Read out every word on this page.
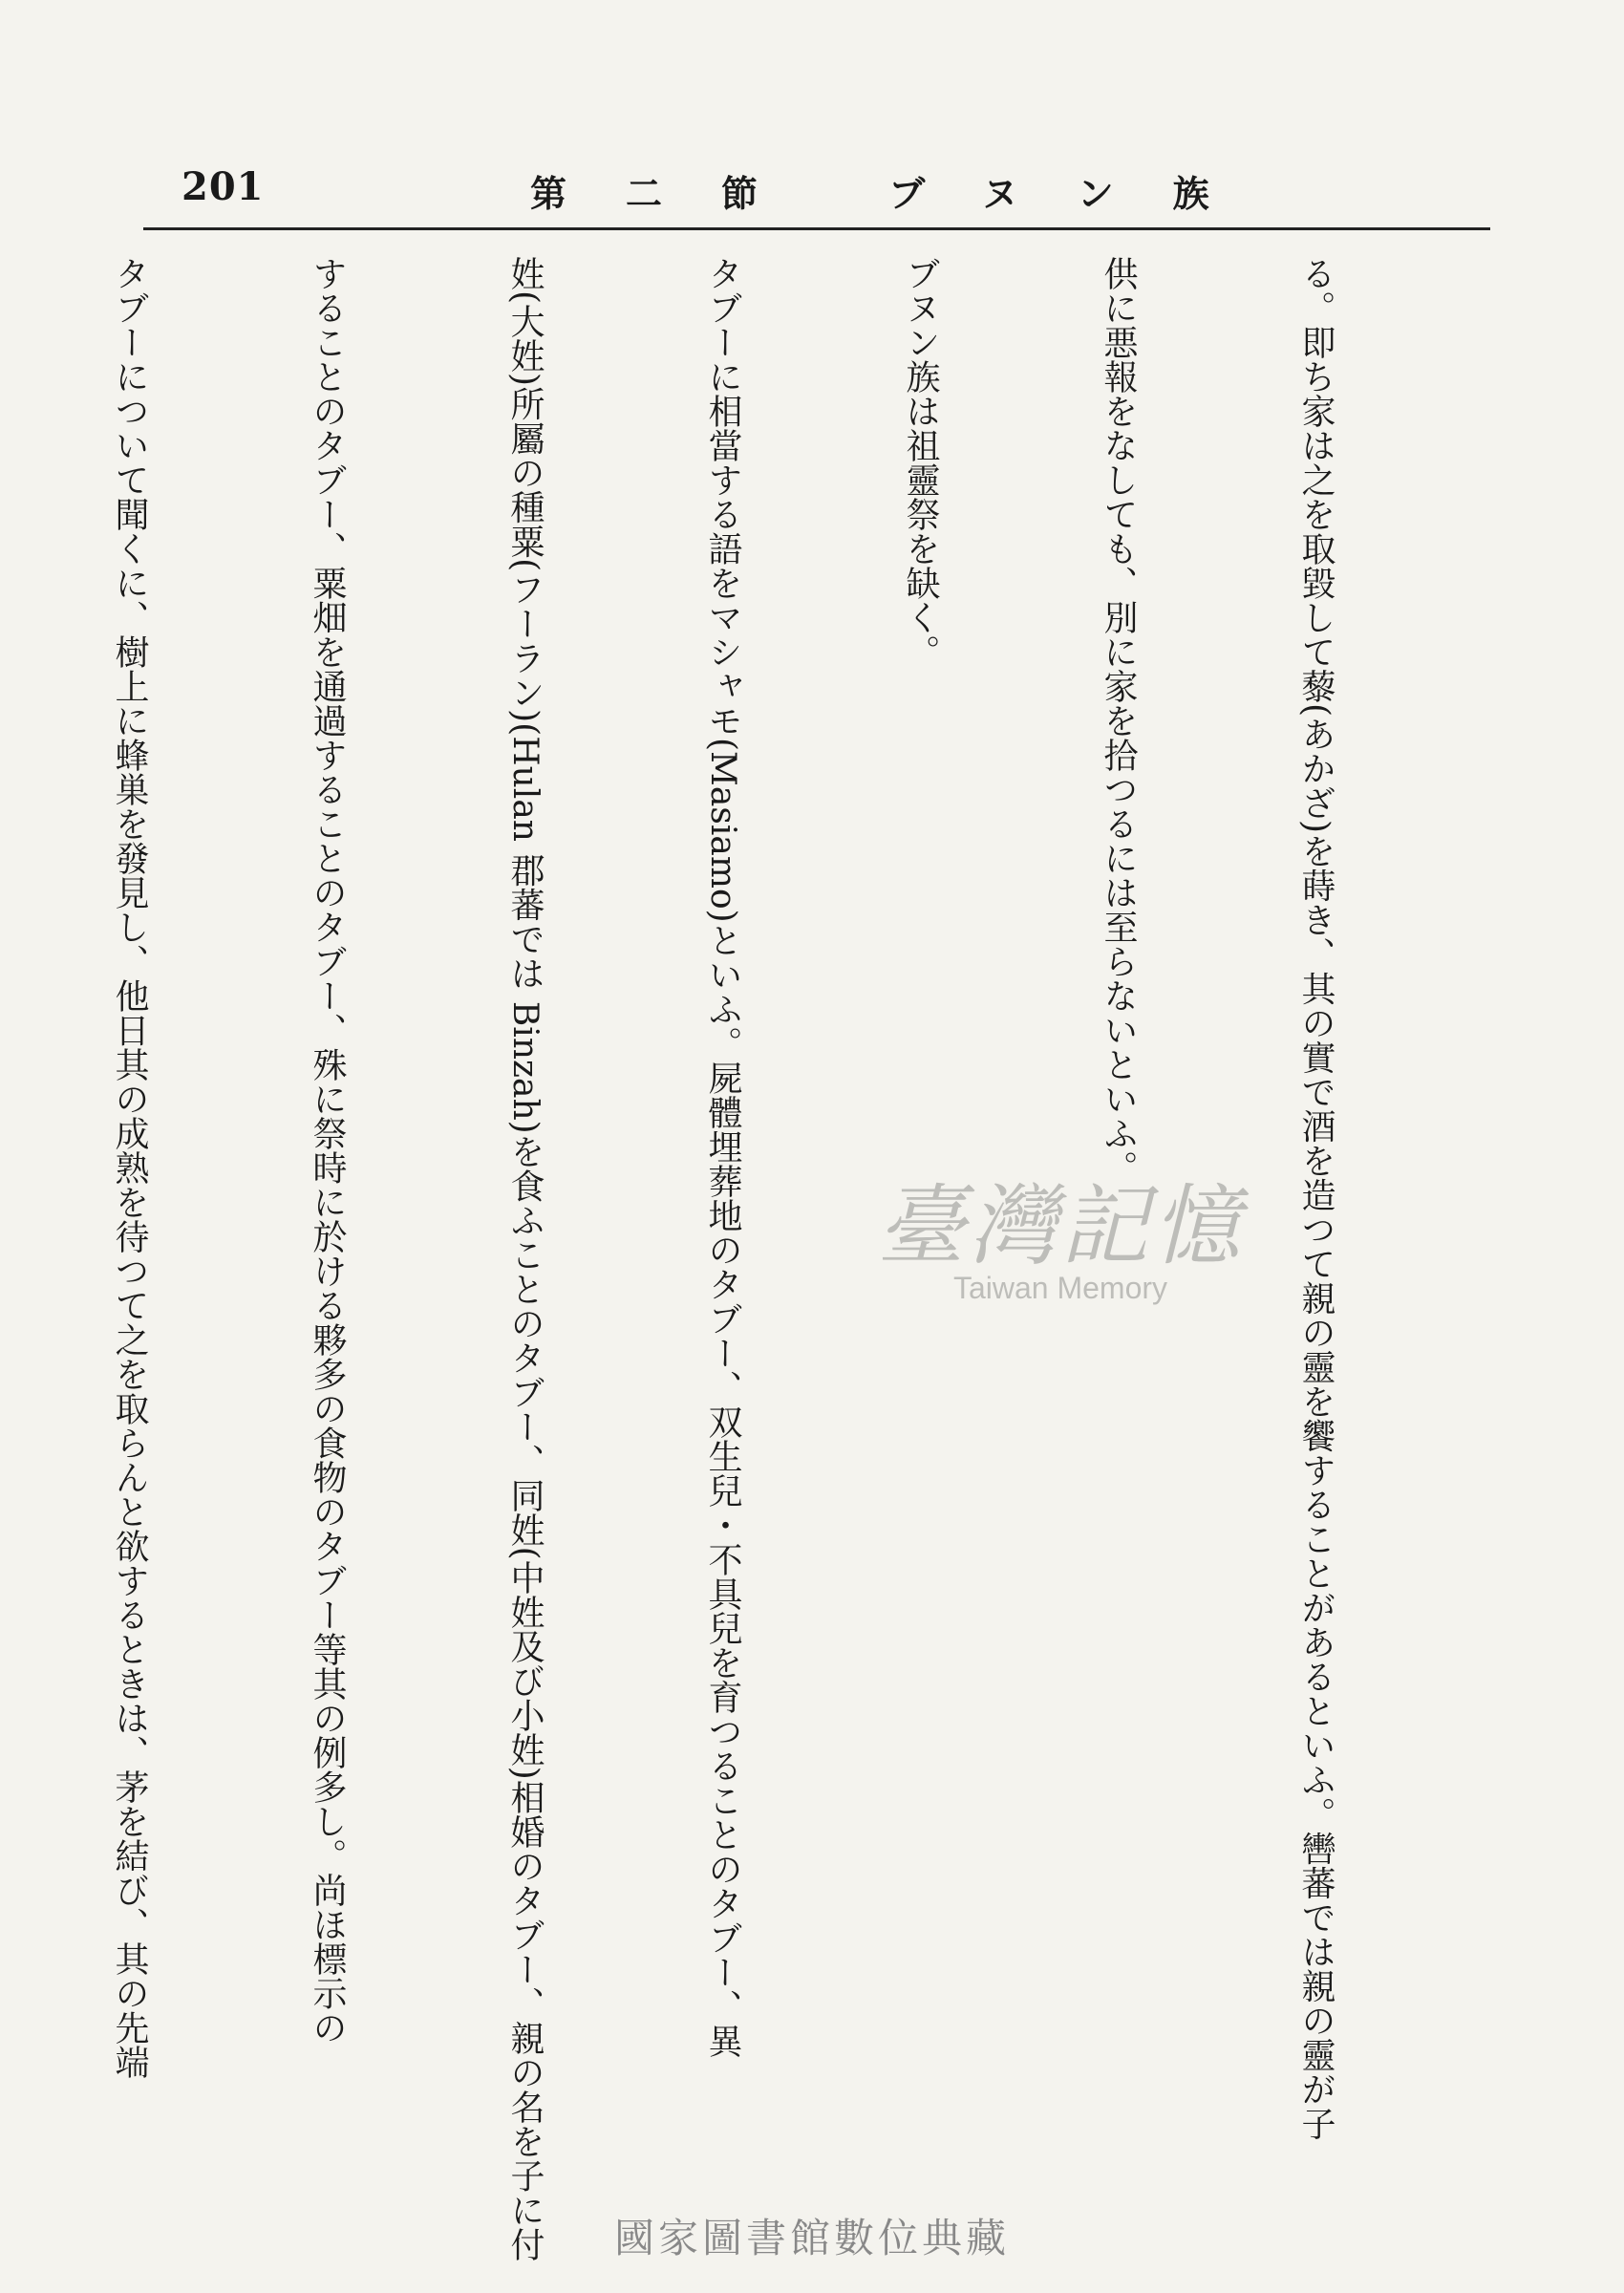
201	第二節 ブヌン族

る。即ち家は之を取毀して藜(あかざ)を蒔き、其の實で酒を造つて親の靈を饗することがあるといふ。轡蕃では親の靈が子

供に悪報をなしても、別に家を拾つるには至らないといふ。

ブヌン族は祖靈祭を缺く。

タブーに相當する語をマシャモ(Masiamo)といふ。屍體埋葬地のタブー、双生兒・不具兒を育つることのタブー、異

姓(大姓)所屬の種粟(フーラン)(Hulan 郡蕃では Binzah)を食ふことのタブー、同姓(中姓及び小姓)相婚のタブー、親の名を子に付

することのタブー、粟畑を通過することのタブー、殊に祭時に於ける夥多の食物のタブー等其の例多し。尚ほ標示の

タブーについて聞くに、樹上に蜂巣を發見し、他日其の成熟を待つて之を取らんと欲するときは、茅を結び、其の先端

	臺灣記憶
Taiwan Memory
國家圖書館數位典藏
